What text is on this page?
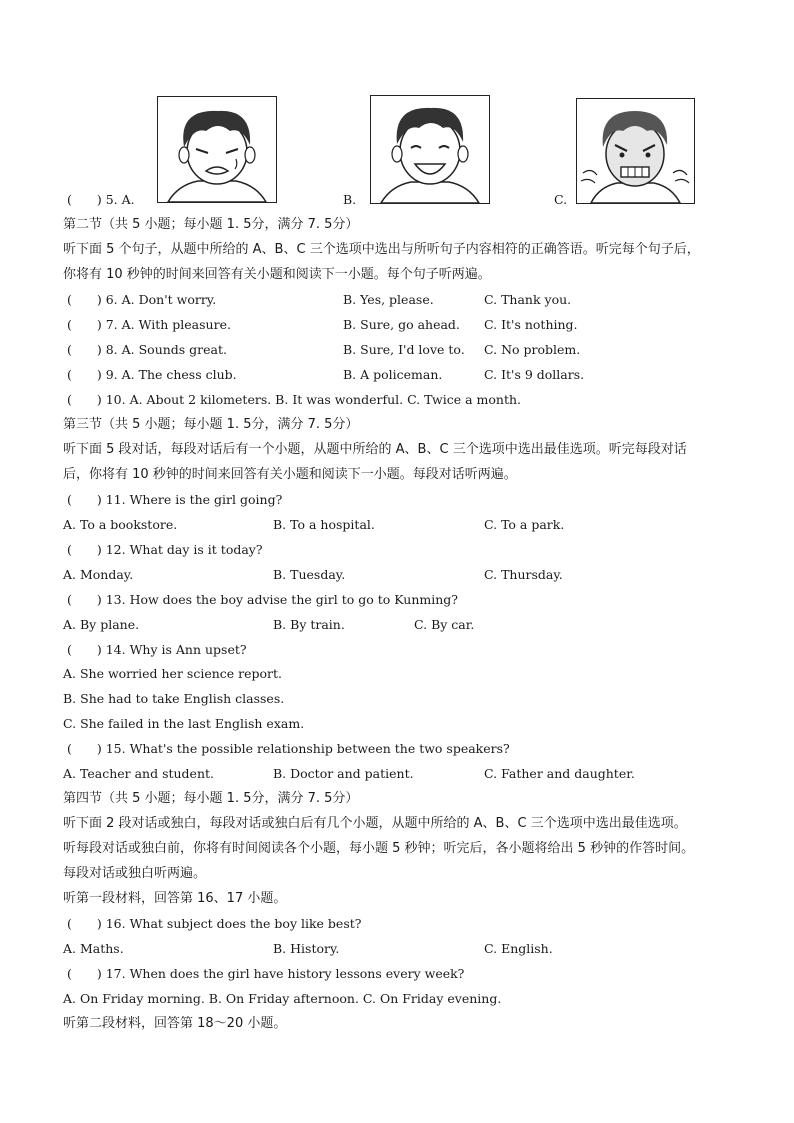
(　　) 5. A.	B.	C.
第二节（共 5 小题；每小题 1. 5分，满分 7. 5分）
听下面 5 个句子，从题中所给的 A、B、C 三个选项中选出与所听句子内容相符的正确答语。听完每个句子后，
你将有 10 秒钟的时间来回答有关小题和阅读下一小题。每个句子听两遍。
(　　) 6. A. Don't worry.	B. Yes, please.	C. Thank you.
(　　) 7. A. With pleasure.	B. Sure, go ahead. C. It's nothing.
(　　) 8. A. Sounds great.	B. Sure, I'd love to. C. No problem.
(　　) 9. A. The chess club.	B. A policeman.	C. It's 9 dollars.
(　　) 10. A. About 2 kilometers. B. It was wonderful. C. Twice a month.
第三节（共 5 小题；每小题 1. 5分，满分 7. 5分）
听下面 5 段对话，每段对话后有一个小题，从题中所给的 A、B、C 三个选项中选出最佳选项。听完每段对话
后，你将有 10 秒钟的时间来回答有关小题和阅读下一小题。每段对话听两遍。
(　　) 11. Where is the girl going?
A. To a bookstore.	B. To a hospital.	C. To a park.
(　　) 12. What day is it today?
A. Monday.	B. Tuesday.	C. Thursday.
(　　) 13. How does the boy advise the girl to go to Kunming?
A. By plane.	B. By train.	C. By car.
(　　) 14. Why is Ann upset?
A. She worried her science report.
B. She had to take English classes.
C. She failed in the last English exam.
(　　) 15. What's the possible relationship between the two speakers?
A. Teacher and student.	B. Doctor and patient.	C. Father and daughter.
第四节（共 5 小题；每小题 1. 5分，满分 7. 5分）
听下面 2 段对话或独白，每段对话或独白后有几个小题，从题中所给的 A、B、C 三个选项中选出最佳选项。
听每段对话或独白前，你将有时间阅读各个小题，每小题 5 秒钟；听完后，各小题将给出 5 秒钟的作答时间。
每段对话或独白听两遍。
听第一段材料，回答第 16、17 小题。
(　　) 16. What subject does the boy like best?
A. Maths.	B. History.	C. English.
(　　) 17. When does the girl have history lessons every week?
A. On Friday morning. B. On Friday afternoon. C. On Friday evening.
听第二段材料，回答第 18～20 小题。
